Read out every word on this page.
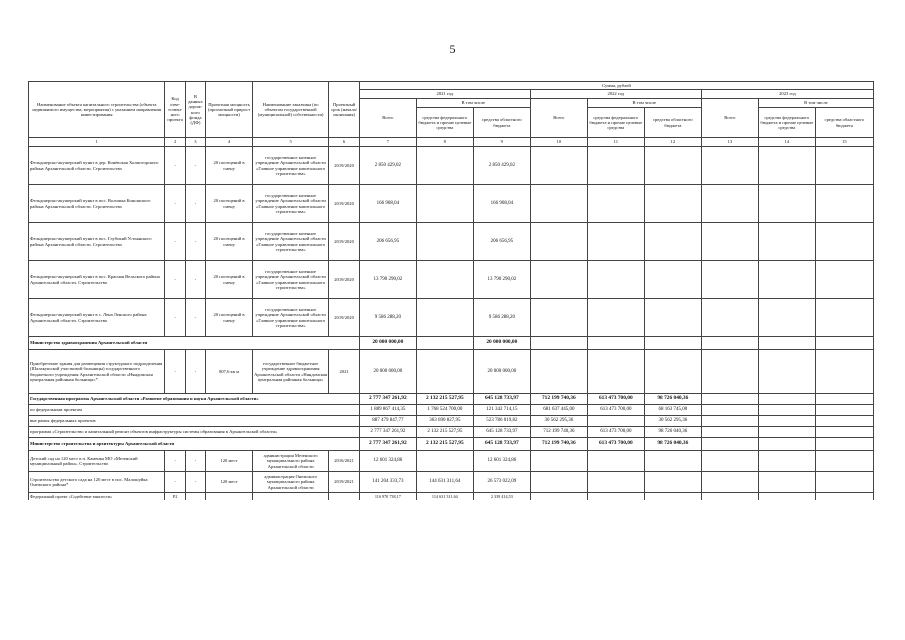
5
Наименование объекта капитального строительства (объекта недвижимого имущества, мероприятия) с указанием направления инвестирования	Код отве-тствен-ного проекта	В данных дорож-ного фонда (ДФ)	Проектная мощность (прогнозный прирост мощности)	Наименование заказчика (по объектам государственной (муниципальной) собственности)	Проектный срок (начала/ окончания)	Сумма, рублей								
						2021 год			2022 год			2023 год		
						Всего	В том числе		Всего	В том числе		Всего	В том числе	
							средства федерального бюджета и прочие целевые средства	средства областного бюджета		средства федерального бюджета и прочие целевые средства	средства областного бюджета		средства федерального бюджета и прочие целевые средства	средства областного бюджета
1	2	3	4	5	6	7	8	9	10	11	12	13	14	15
Фельдшерско-акушерский пункт в дер. Конёвская Холмогорского района Архангельской области. Строительство	-	-	20 посещений в смену	государственное казенное учреждение Архангельской области «Главное управление капитального строительства»	2019/2020	2 850 429,02		2 850 429,02						
Фельдшерско-акушерский пункт в пос. Волошка Коношского района Архангельской области. Строительство	-	-	20 посещений в смену	государственное казенное учреждение Архангельской области «Главное управление капитального строительства»	2019/2020	166 908,04		166 908,04						
Фельдшерско-акушерский пункт в пос. Глубокий Устьянского района Архангельской области. Строительство	-	-	20 посещений в смену	государственное казенное учреждение Архангельской области «Главное управление капитального строительства»	2019/2020	206 656,95		206 656,95						
Фельдшерско-акушерский пункт в пос. Красная Вельского района Архангельской области. Строительство	-	-	20 посещений в смену	государственное казенное учреждение Архангельской области «Главное управление капитального строительства»	2019/2020	13 790 290,02		13 790 290,02						
Фельдшерско-акушерский пункт в с. Лена Ленского района Архангельской области. Строительство	-	-	20 посещений в смену	государственное казенное учреждение Архангельской области «Главное управление капитального строительства»	2019/2020	9 586 288,20		9 586 288,20						
Министерство здравоохранения Архангельской области						20 000 000,00		20 000 000,00						
Приобретение здания для размещения структурного подразделения (Шалакушской участковой больницы) государственного бюджетного учреждения Архангельской области «Няндомская центральная районная больница»*	-	-	807,6 кв м	государственное бюджетное учреждение здравоохранения Архангельской области «Няндомская центральная районная больница»	2021	20 000 000,00		20 000 000,00						
Государственная программа Архангельской области «Развитие образования и науки Архангельской области»						2 777 347 261,92	2 132 215 527,95	645 128 733,97	712 199 740,36	613 473 700,00	98 726 040,36			
по федеральным проектам						1 889 867 414,35	1 768 524 700,00	121 342 714,15	681 637 445,00	613 473 700,00	68 163 745,00			
вне рамок федеральных проектов						887 479 847,77	363 690 827,95	523 786 019,82	30 562 295,36		30 562 295,36			
программа «Строительство и капитальный ремонт объектов инфраструктуры системы образования в Архангельской области»						2 777 347 261,92	2 132 215 527,95	645 128 733,97	712 199 740,36	613 473 700,00	98 726 040,36			
Министерство строительства и архитектуры Архангельской области						2 777 347 261,92	2 132 215 527,95	645 128 733,97	712 199 740,36	613 473 700,00	98 726 040,36			
Детский сад на 120 мест в п. Каменка МО «Мезенский муниципальный район». Строительство	-	-	120 мест	администрация Мезенского муниципального района Архангельской области	2016/2021	12 601 324,86		12 601 324,86						
Строительство детского сада на 120 мест в пос. Малошуйка Онежского района*	-	-	120 мест	администрация Онежского муниципального района Архангельской области	2019/2021	141 204 333,73	144 631 311,64	26 573 022,09						
Федеральный проект «Содействие занятости»	P2					116 970 738,17	114 631 311,64	2 339 414,53						
